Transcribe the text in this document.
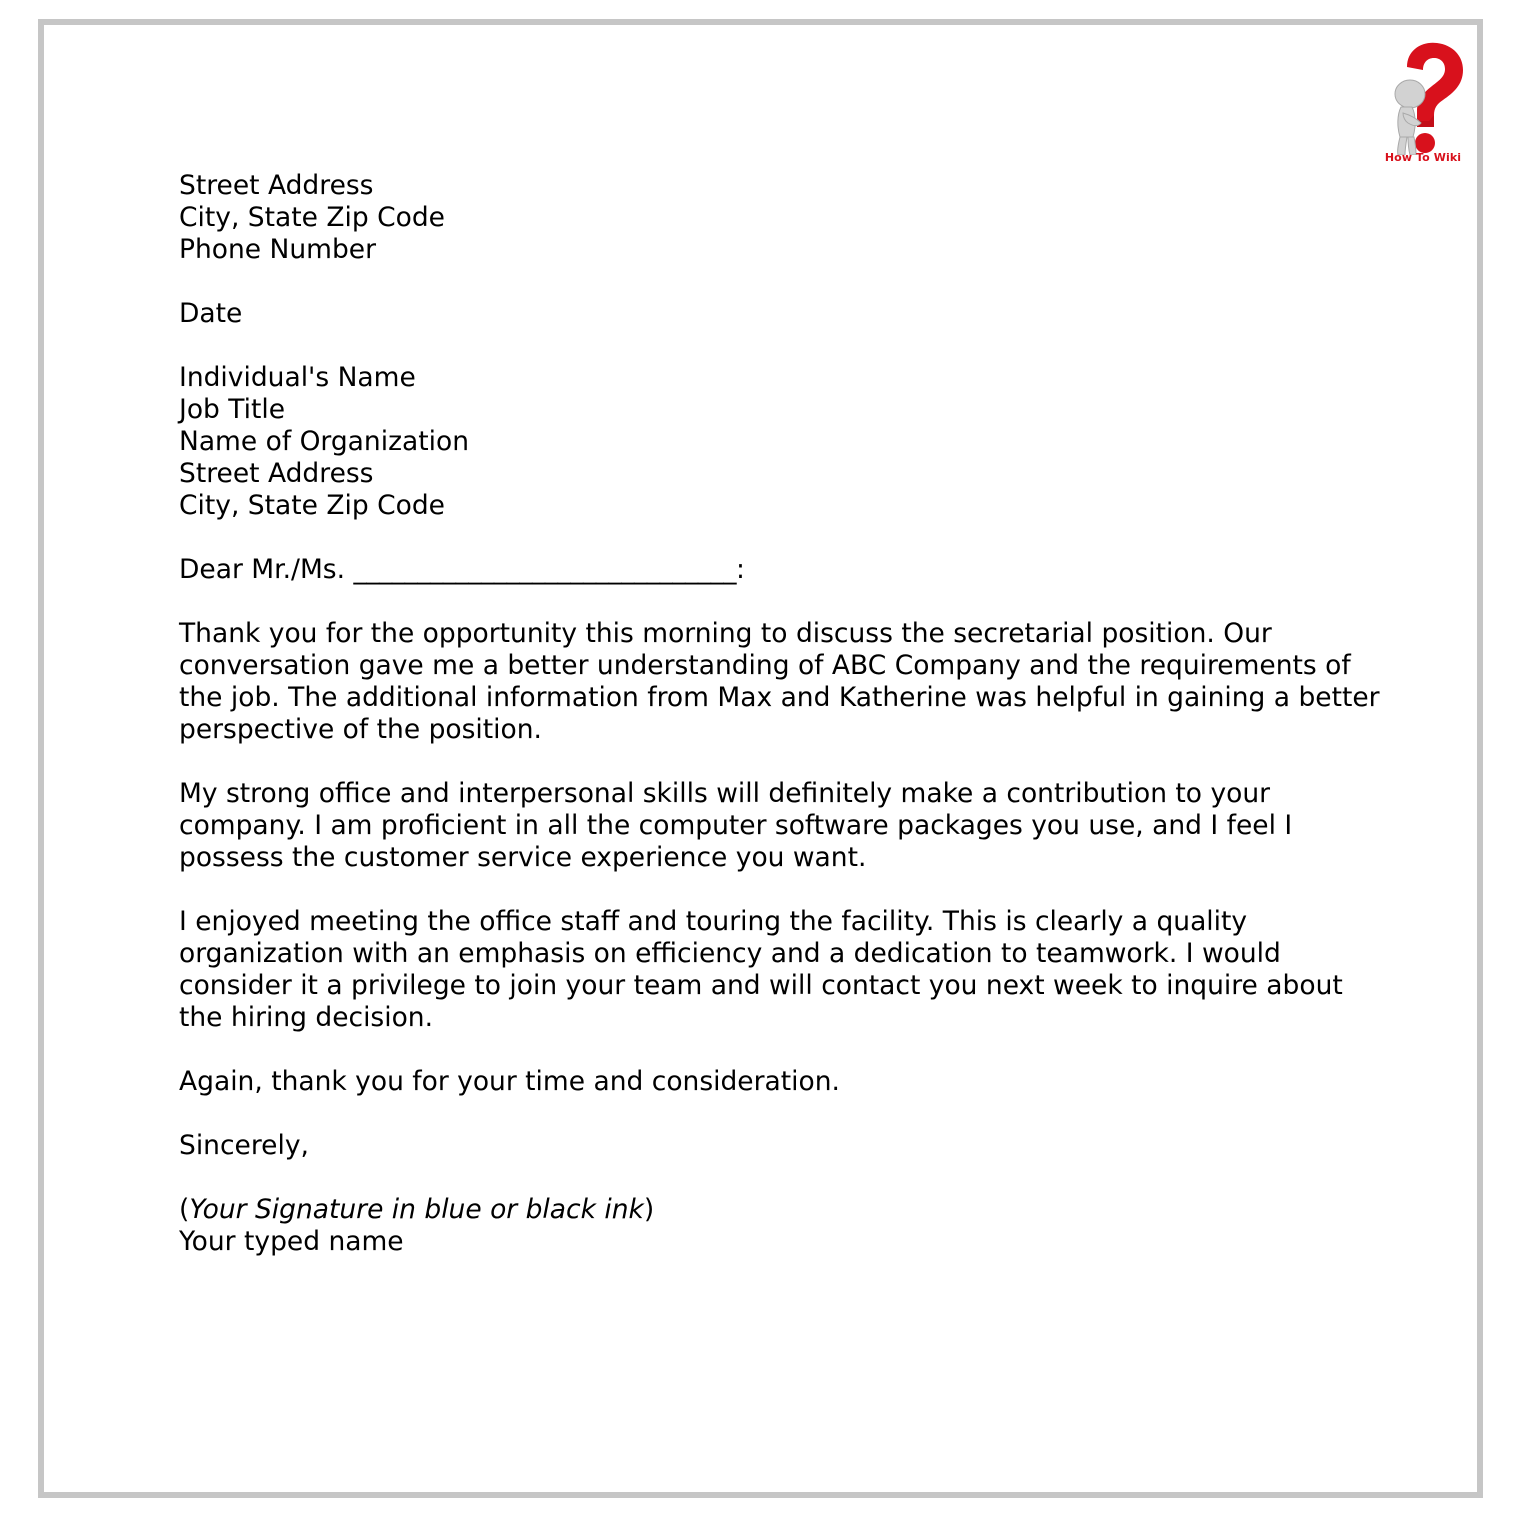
How To Wiki
Street Address
City, State Zip Code
Phone Number
Date
Individual's Name
Job Title
Name of Organization
Street Address
City, State Zip Code

Dear Mr./Ms. ______________________________:

Thank you for the opportunity this morning to discuss the secretarial position. Our conversation gave me a better understanding of ABC Company and the requirements of the job. The additional information from Max and Katherine was helpful in gaining a better perspective of the position.

My strong office and interpersonal skills will definitely make a contribution to your company. I am proficient in all the computer software packages you use, and I feel I possess the customer service experience you want.

I enjoyed meeting the office staff and touring the facility. This is clearly a quality organization with an emphasis on efficiency and a dedication to teamwork. I would consider it a privilege to join your team and will contact you next week to inquire about the hiring decision.

Again, thank you for your time and consideration.

Sincerely,
(Your Signature in blue or black ink)
Your typed name
